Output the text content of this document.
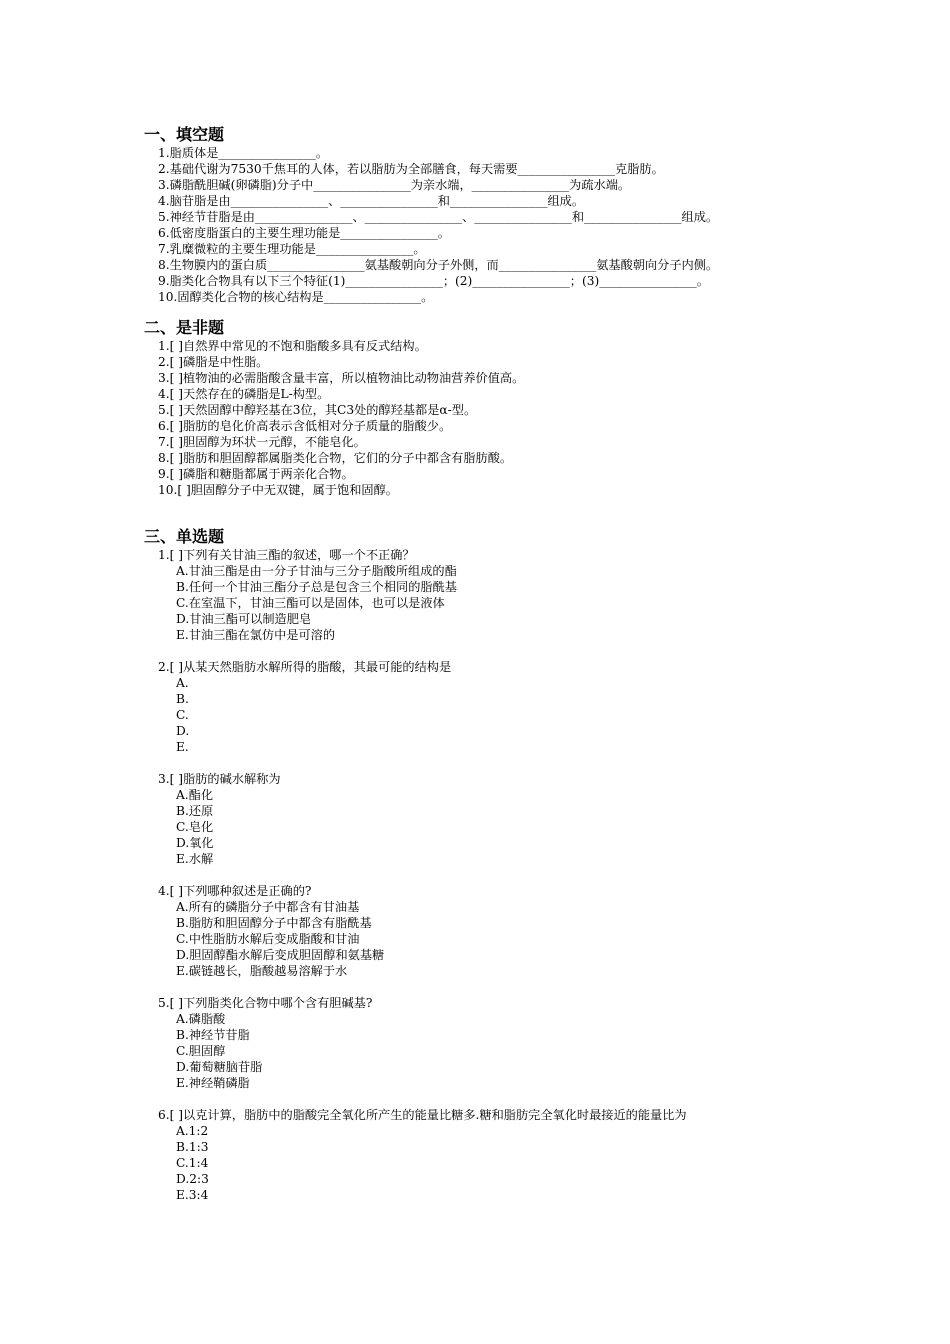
一、填空题
1.脂质体是________________。
2.基础代谢为7530千焦耳的人体，若以脂肪为全部膳食，每天需要________________克脂肪。
3.磷脂酰胆碱(卵磷脂)分子中________________为亲水端，________________为疏水端。
4.脑苷脂是由________________、________________和________________组成。
5.神经节苷脂是由________________、________________、________________和________________组成。
6.低密度脂蛋白的主要生理功能是________________。
7.乳糜微粒的主要生理功能是________________。
8.生物膜内的蛋白质________________氨基酸朝向分子外侧，而________________氨基酸朝向分子内侧。
9.脂类化合物具有以下三个特征(1)________________；(2)________________；(3)________________。
10.固醇类化合物的核心结构是________________。
二、是非题
1.[ ]自然界中常见的不饱和脂酸多具有反式结构。
2.[ ]磷脂是中性脂。
3.[ ]植物油的必需脂酸含量丰富，所以植物油比动物油营养价值高。
4.[ ]天然存在的磷脂是L-构型。
5.[ ]天然固醇中醇羟基在3位，其C3处的醇羟基都是α-型。
6.[ ]脂肪的皂化价高表示含低相对分子质量的脂酸少。
7.[ ]胆固醇为环状一元醇，不能皂化。
8.[ ]脂肪和胆固醇都属脂类化合物，它们的分子中都含有脂肪酸。
9.[ ]磷脂和糖脂都属于两亲化合物。
10.[ ]胆固醇分子中无双键，属于饱和固醇。
三、单选题
1.[ ]下列有关甘油三酯的叙述，哪一个不正确？
A.甘油三酯是由一分子甘油与三分子脂酸所组成的酯
B.任何一个甘油三酯分子总是包含三个相同的脂酰基
C.在室温下，甘油三酯可以是固体，也可以是液体
D.甘油三酯可以制造肥皂
E.甘油三酯在氯仿中是可溶的
2.[ ]从某天然脂肪水解所得的脂酸，其最可能的结构是
A.
B.
C.
D.
E.
3.[ ]脂肪的碱水解称为
A.酯化
B.还原
C.皂化
D.氧化
E.水解
4.[ ]下列哪种叙述是正确的?
A.所有的磷脂分子中都含有甘油基
B.脂肪和胆固醇分子中都含有脂酰基
C.中性脂肪水解后变成脂酸和甘油
D.胆固醇酯水解后变成胆固醇和氨基糖
E.碳链越长，脂酸越易溶解于水
5.[ ]下列脂类化合物中哪个含有胆碱基?
A.磷脂酸
B.神经节苷脂
C.胆固醇
D.葡萄糖脑苷脂
E.神经鞘磷脂
6.[ ]以克计算，脂肪中的脂酸完全氧化所产生的能量比糖多.糖和脂肪完全氧化时最接近的能量比为
A.1:2
B.1:3
C.1:4
D.2:3
E.3:4
